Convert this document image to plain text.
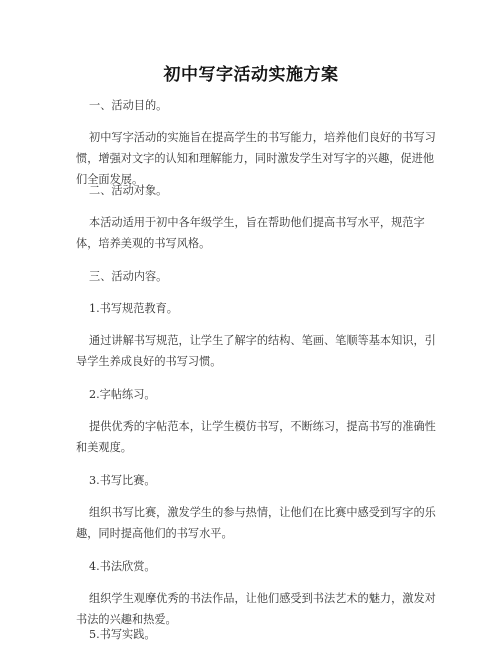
初中写字活动实施方案

一、活动目的。

初中写字活动的实施旨在提高学生的书写能力，培养他们良好的书写习惯，增强对文字的认知和理解能力，同时激发学生对写字的兴趣，促进他们全面发展。

二、活动对象。

本活动适用于初中各年级学生，旨在帮助他们提高书写水平，规范字体，培养美观的书写风格。

三、活动内容。

1.书写规范教育。

通过讲解书写规范，让学生了解字的结构、笔画、笔顺等基本知识，引导学生养成良好的书写习惯。

2.字帖练习。

提供优秀的字帖范本，让学生模仿书写，不断练习，提高书写的准确性和美观度。

3.书写比赛。

组织书写比赛，激发学生的参与热情，让他们在比赛中感受到写字的乐趣，同时提高他们的书写水平。

4.书法欣赏。

组织学生观摩优秀的书法作品，让他们感受到书法艺术的魅力，激发对书法的兴趣和热爱。

5.书写实践。
